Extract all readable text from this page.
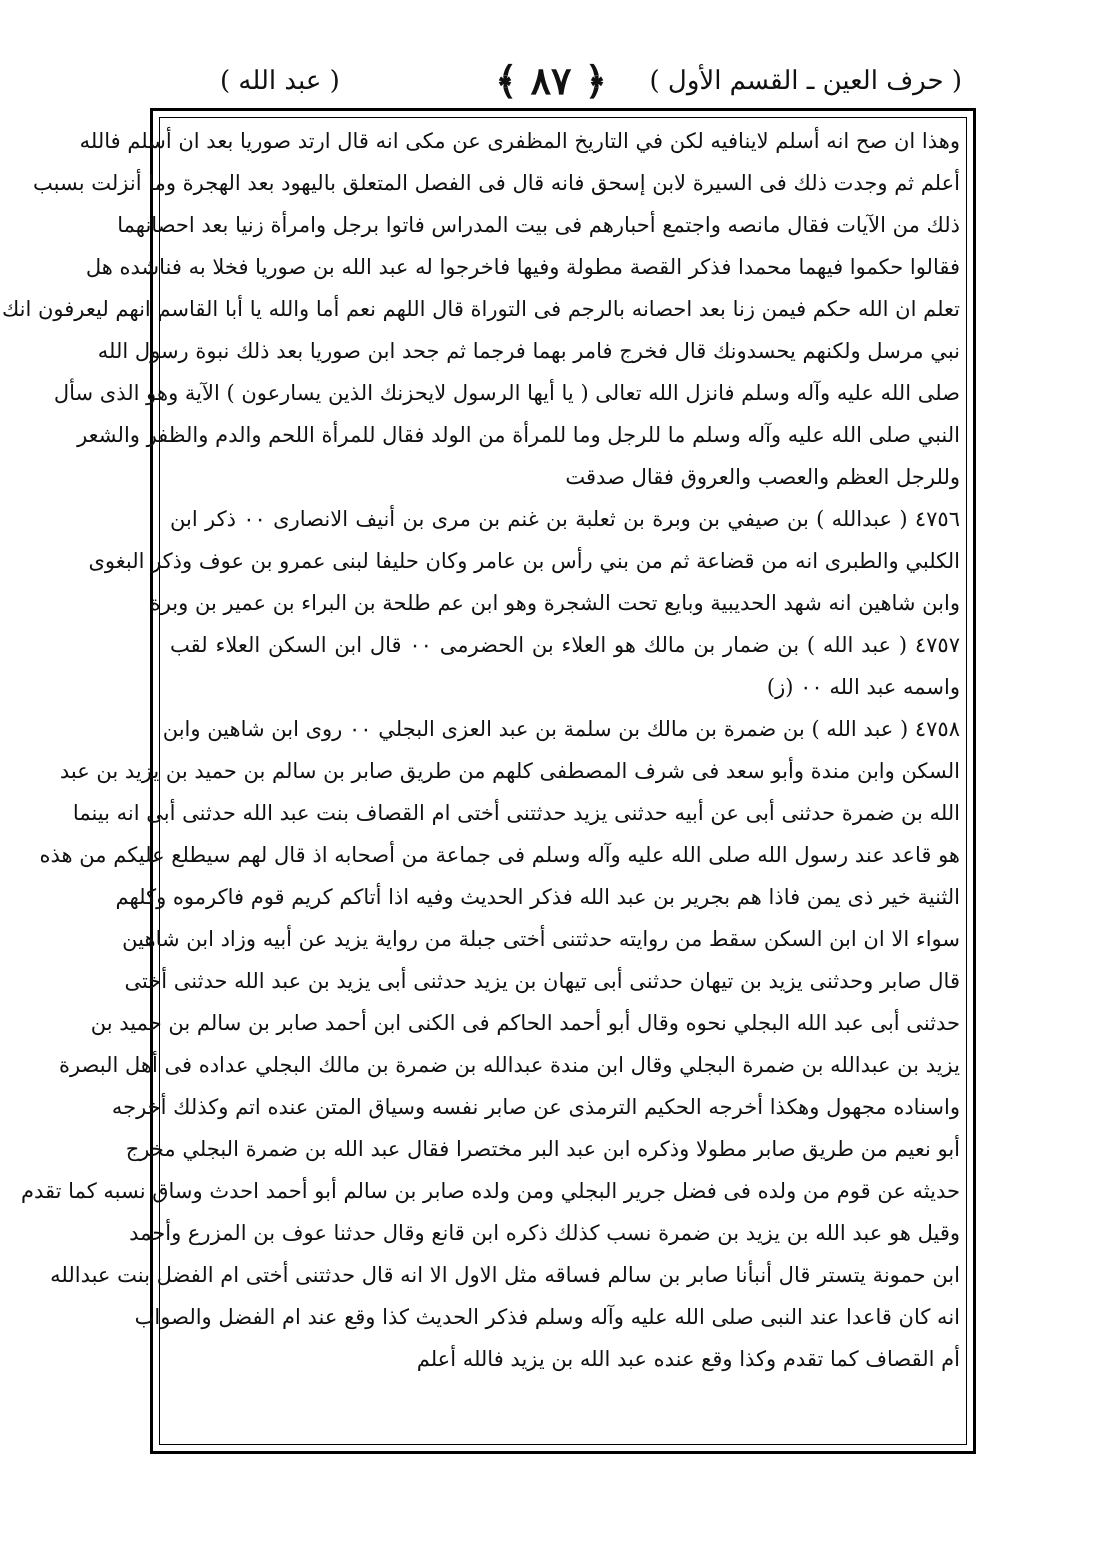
( حرف العين ـ القسم الأول )
﴿ ٨٧ ﴾
( عبد الله )
وهذا ان صح انه أسلم لاينافيه لكن في التاريخ المظفرى عن مكى انه قال ارتد صوريا بعد ان أسلم فالله
أعلم ثم وجدت ذلك فى السيرة لابن إسحق فانه قال فى الفصل المتعلق باليهود بعد الهجرة وما أنزلت بسبب
ذلك من الآيات فقال مانصه واجتمع أحبارهم فى بيت المدراس فاتوا برجل وامرأة زنيا بعد احصانهما
فقالوا حكموا فيهما محمدا فذكر القصة مطولة وفيها فاخرجوا له عبد الله بن صوريا فخلا به فناشده هل
تعلم ان الله حكم فيمن زنا بعد احصانه بالرجم فى التوراة قال اللهم نعم أما والله يا أبا القاسم انهم ليعرفون انك
نبي مرسل ولكنهم يحسدونك قال فخرج فامر بهما فرجما ثم جحد ابن صوريا بعد ذلك نبوة رسول الله
صلى الله عليه وآله وسلم فانزل الله تعالى ( يا أيها الرسول لايحزنك الذين يسارعون ) الآية وهو الذى سأل
النبي صلى الله عليه وآله وسلم ما للرجل وما للمرأة من الولد فقال للمرأة اللحم والدم والظفر والشعر
وللرجل العظم والعصب والعروق فقال صدقت
٤٧٥٦ ( عبدالله ) بن صيفي بن وبرة بن ثعلبة بن غنم بن مرى بن أنيف الانصارى ٠٠ ذكر ابن
الكلبي والطبرى انه من قضاعة ثم من بني رأس بن عامر وكان حليفا لبنى عمرو بن عوف وذكر البغوى
وابن شاهين انه شهد الحديبية وبايع تحت الشجرة وهو ابن عم طلحة بن البراء بن عمير بن وبرة
٤٧٥٧ ( عبد الله ) بن ضمار بن مالك هو العلاء بن الحضرمى ٠٠ قال ابن السكن العلاء لقب
واسمه عبد الله ٠٠ (ز)
٤٧٥٨ ( عبد الله ) بن ضمرة بن مالك بن سلمة بن عبد العزى البجلي ٠٠ روى ابن شاهين وابن
السكن وابن مندة وأبو سعد فى شرف المصطفى كلهم من طريق صابر بن سالم بن حميد بن يزيد بن عبد
الله بن ضمرة حدثنى أبى عن أبيه حدثنى يزيد حدثتنى أختى ام القصاف بنت عبد الله حدثنى أبى انه بينما
هو قاعد عند رسول الله صلى الله عليه وآله وسلم فى جماعة من أصحابه اذ قال لهم سيطلع عليكم من هذه
الثنية خير ذى يمن فاذا هم بجرير بن عبد الله فذكر الحديث وفيه اذا أتاكم كريم قوم فاكرموه وكلهم
سواء الا ان ابن السكن سقط من روايته حدثتنى أختى جبلة من رواية يزيد عن أبيه وزاد ابن شاهين
قال صابر وحدثنى يزيد بن تيهان حدثنى أبى تيهان بن يزيد حدثنى أبى يزيد بن عبد الله حدثنى أختى
حدثنى أبى عبد الله البجلي نحوه وقال أبو أحمد الحاكم فى الكنى ابن أحمد صابر بن سالم بن حميد بن
يزيد بن عبدالله بن ضمرة البجلي وقال ابن مندة عبدالله بن ضمرة بن مالك البجلي عداده فى أهل البصرة
واسناده مجهول وهكذا أخرجه الحكيم الترمذى عن صابر نفسه وسياق المتن عنده اتم وكذلك أخرجه
أبو نعيم من طريق صابر مطولا وذكره ابن عبد البر مختصرا فقال عبد الله بن ضمرة البجلي مخرج
حديثه عن قوم من ولده فى فضل جرير البجلي ومن ولده صابر بن سالم أبو أحمد احدث وساق نسبه كما تقدم
وقيل هو عبد الله بن يزيد بن ضمرة نسب كذلك ذكره ابن قانع وقال حدثنا عوف بن المزرع وأحمد
ابن حمونة يتستر قال أنبأنا صابر بن سالم فساقه مثل الاول الا انه قال حدثتنى أختى ام الفضل بنت عبدالله
انه كان قاعدا عند النبى صلى الله عليه وآله وسلم فذكر الحديث كذا وقع عند ام الفضل والصواب
أم القصاف كما تقدم وكذا وقع عنده عبد الله بن يزيد فالله أعلم
